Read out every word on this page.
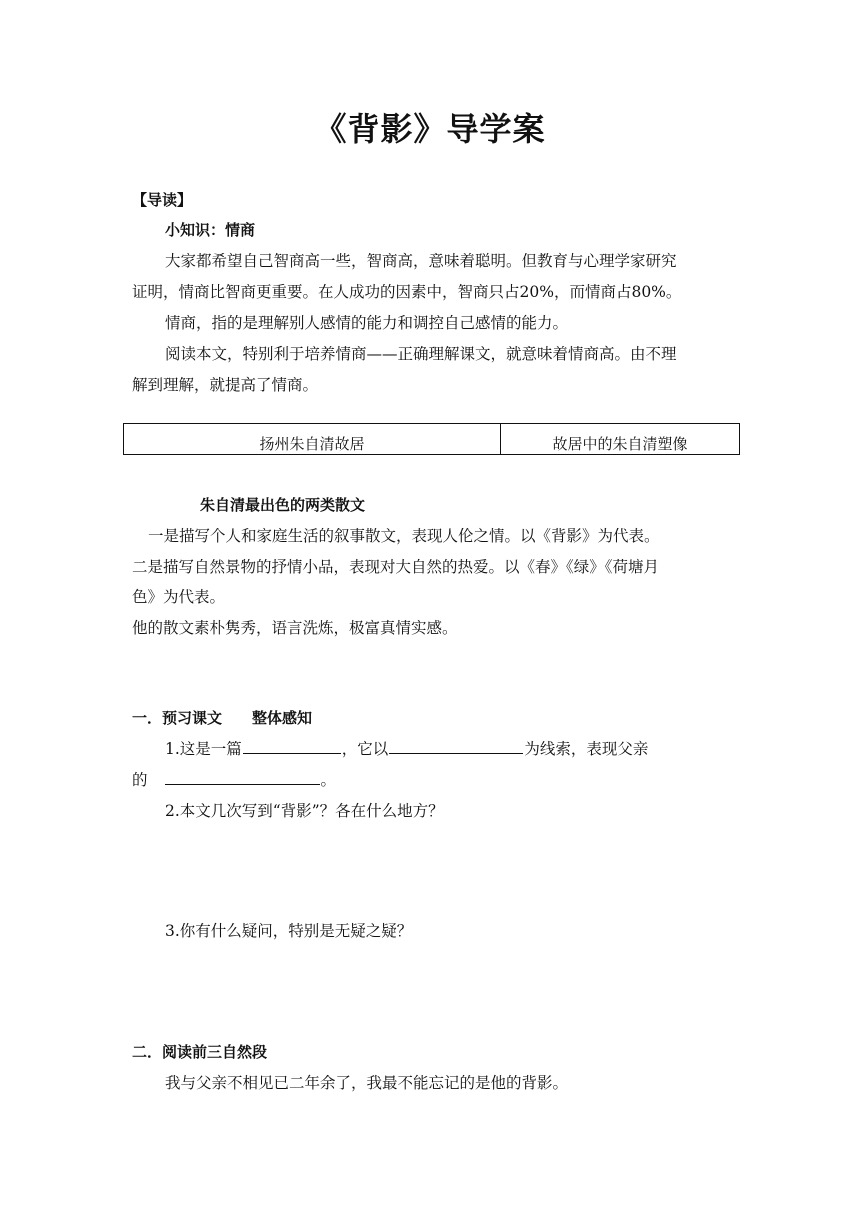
《背影》导学案
【导读】
小知识：情商
大家都希望自己智商高一些，智商高，意味着聪明。但教育与心理学家研究
证明，情商比智商更重要。在人成功的因素中，智商只占20%，而情商占80%。
情商，指的是理解别人感情的能力和调控自己感情的能力。
阅读本文，特别利于培养情商——正确理解课文，就意味着情商高。由不理
解到理解，就提高了情商。
扬州朱自清故居	故居中的朱自清塑像
朱自清最出色的两类散文
一是描写个人和家庭生活的叙事散文，表现人伦之情。以《背影》为代表。
二是描写自然景物的抒情小品，表现对大自然的热爱。以《春》《绿》《荷塘月
色》为代表。
他的散文素朴隽秀，语言洗炼，极富真情实感。
一．预习课文　　整体感知
1.这是一篇	，它以	为线索，表现父亲
的	。
2.本文几次写到“背影”？各在什么地方？
3.你有什么疑问，特别是无疑之疑？
二．阅读前三自然段
我与父亲不相见已二年余了，我最不能忘记的是他的背影。
